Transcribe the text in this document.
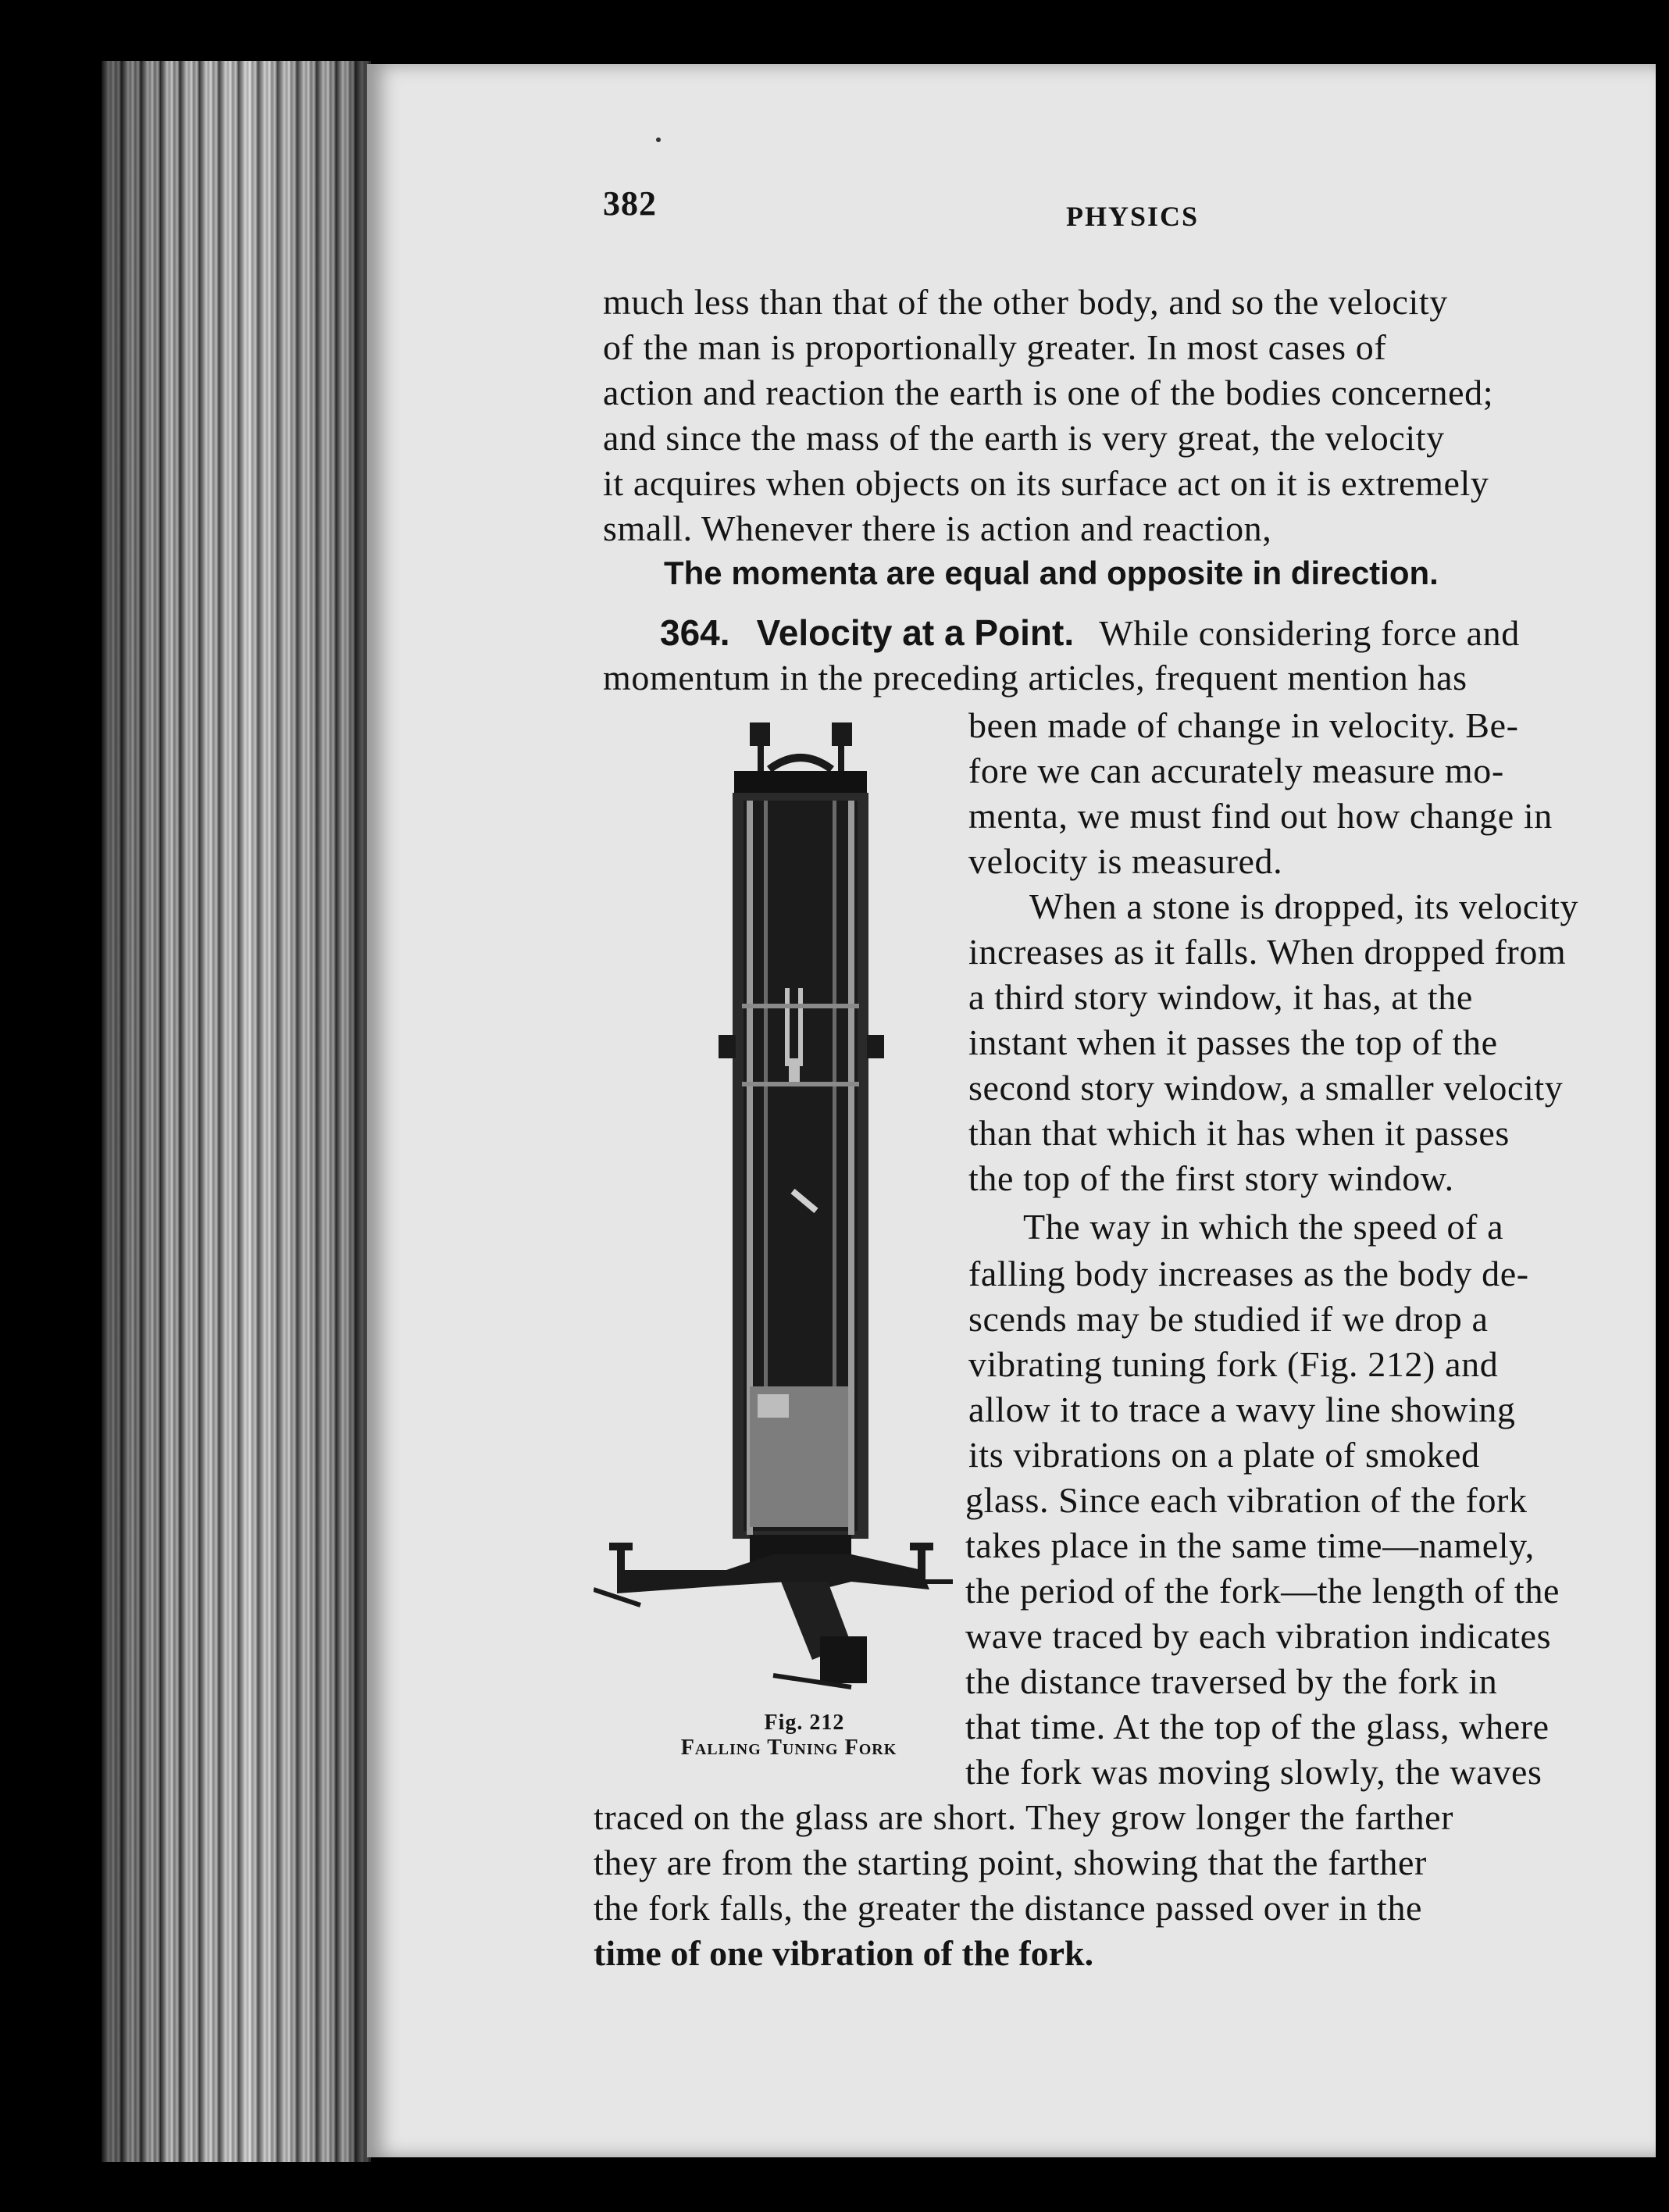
382	PHYSICS
much less than that of the other body, and so the velocity
of the man is proportionally greater. In most cases of
action and reaction the earth is one of the bodies concerned;
and since the mass of the earth is very great, the velocity
it acquires when objects on its surface act on it is extremely
small. Whenever there is action and reaction,
The momenta are equal and opposite in direction.
364. Velocity at a Point. While considering force and
momentum in the preceding articles, frequent mention has
been made of change in velocity. Be-
fore we can accurately measure mo-
menta, we must find out how change in
velocity is measured.
When a stone is dropped, its velocity
increases as it falls. When dropped from
a third story window, it has, at the
instant when it passes the top of the
second story window, a smaller velocity
than that which it has when it passes
the top of the first story window.
The way in which the speed of a
falling body increases as the body de-
scends may be studied if we drop a
vibrating tuning fork (Fig. 212) and
allow it to trace a wavy line showing
its vibrations on a plate of smoked
glass. Since each vibration of the fork
takes place in the same time—namely,
the period of the fork—the length of the
wave traced by each vibration indicates
the distance traversed by the fork in
that time. At the top of the glass, where
the fork was moving slowly, the waves
traced on the glass are short. They grow longer the farther
they are from the starting point, showing that the farther
the fork falls, the greater the distance passed over in the
time of one vibration of the fork.
Fig. 212
Falling Tuning Fork
